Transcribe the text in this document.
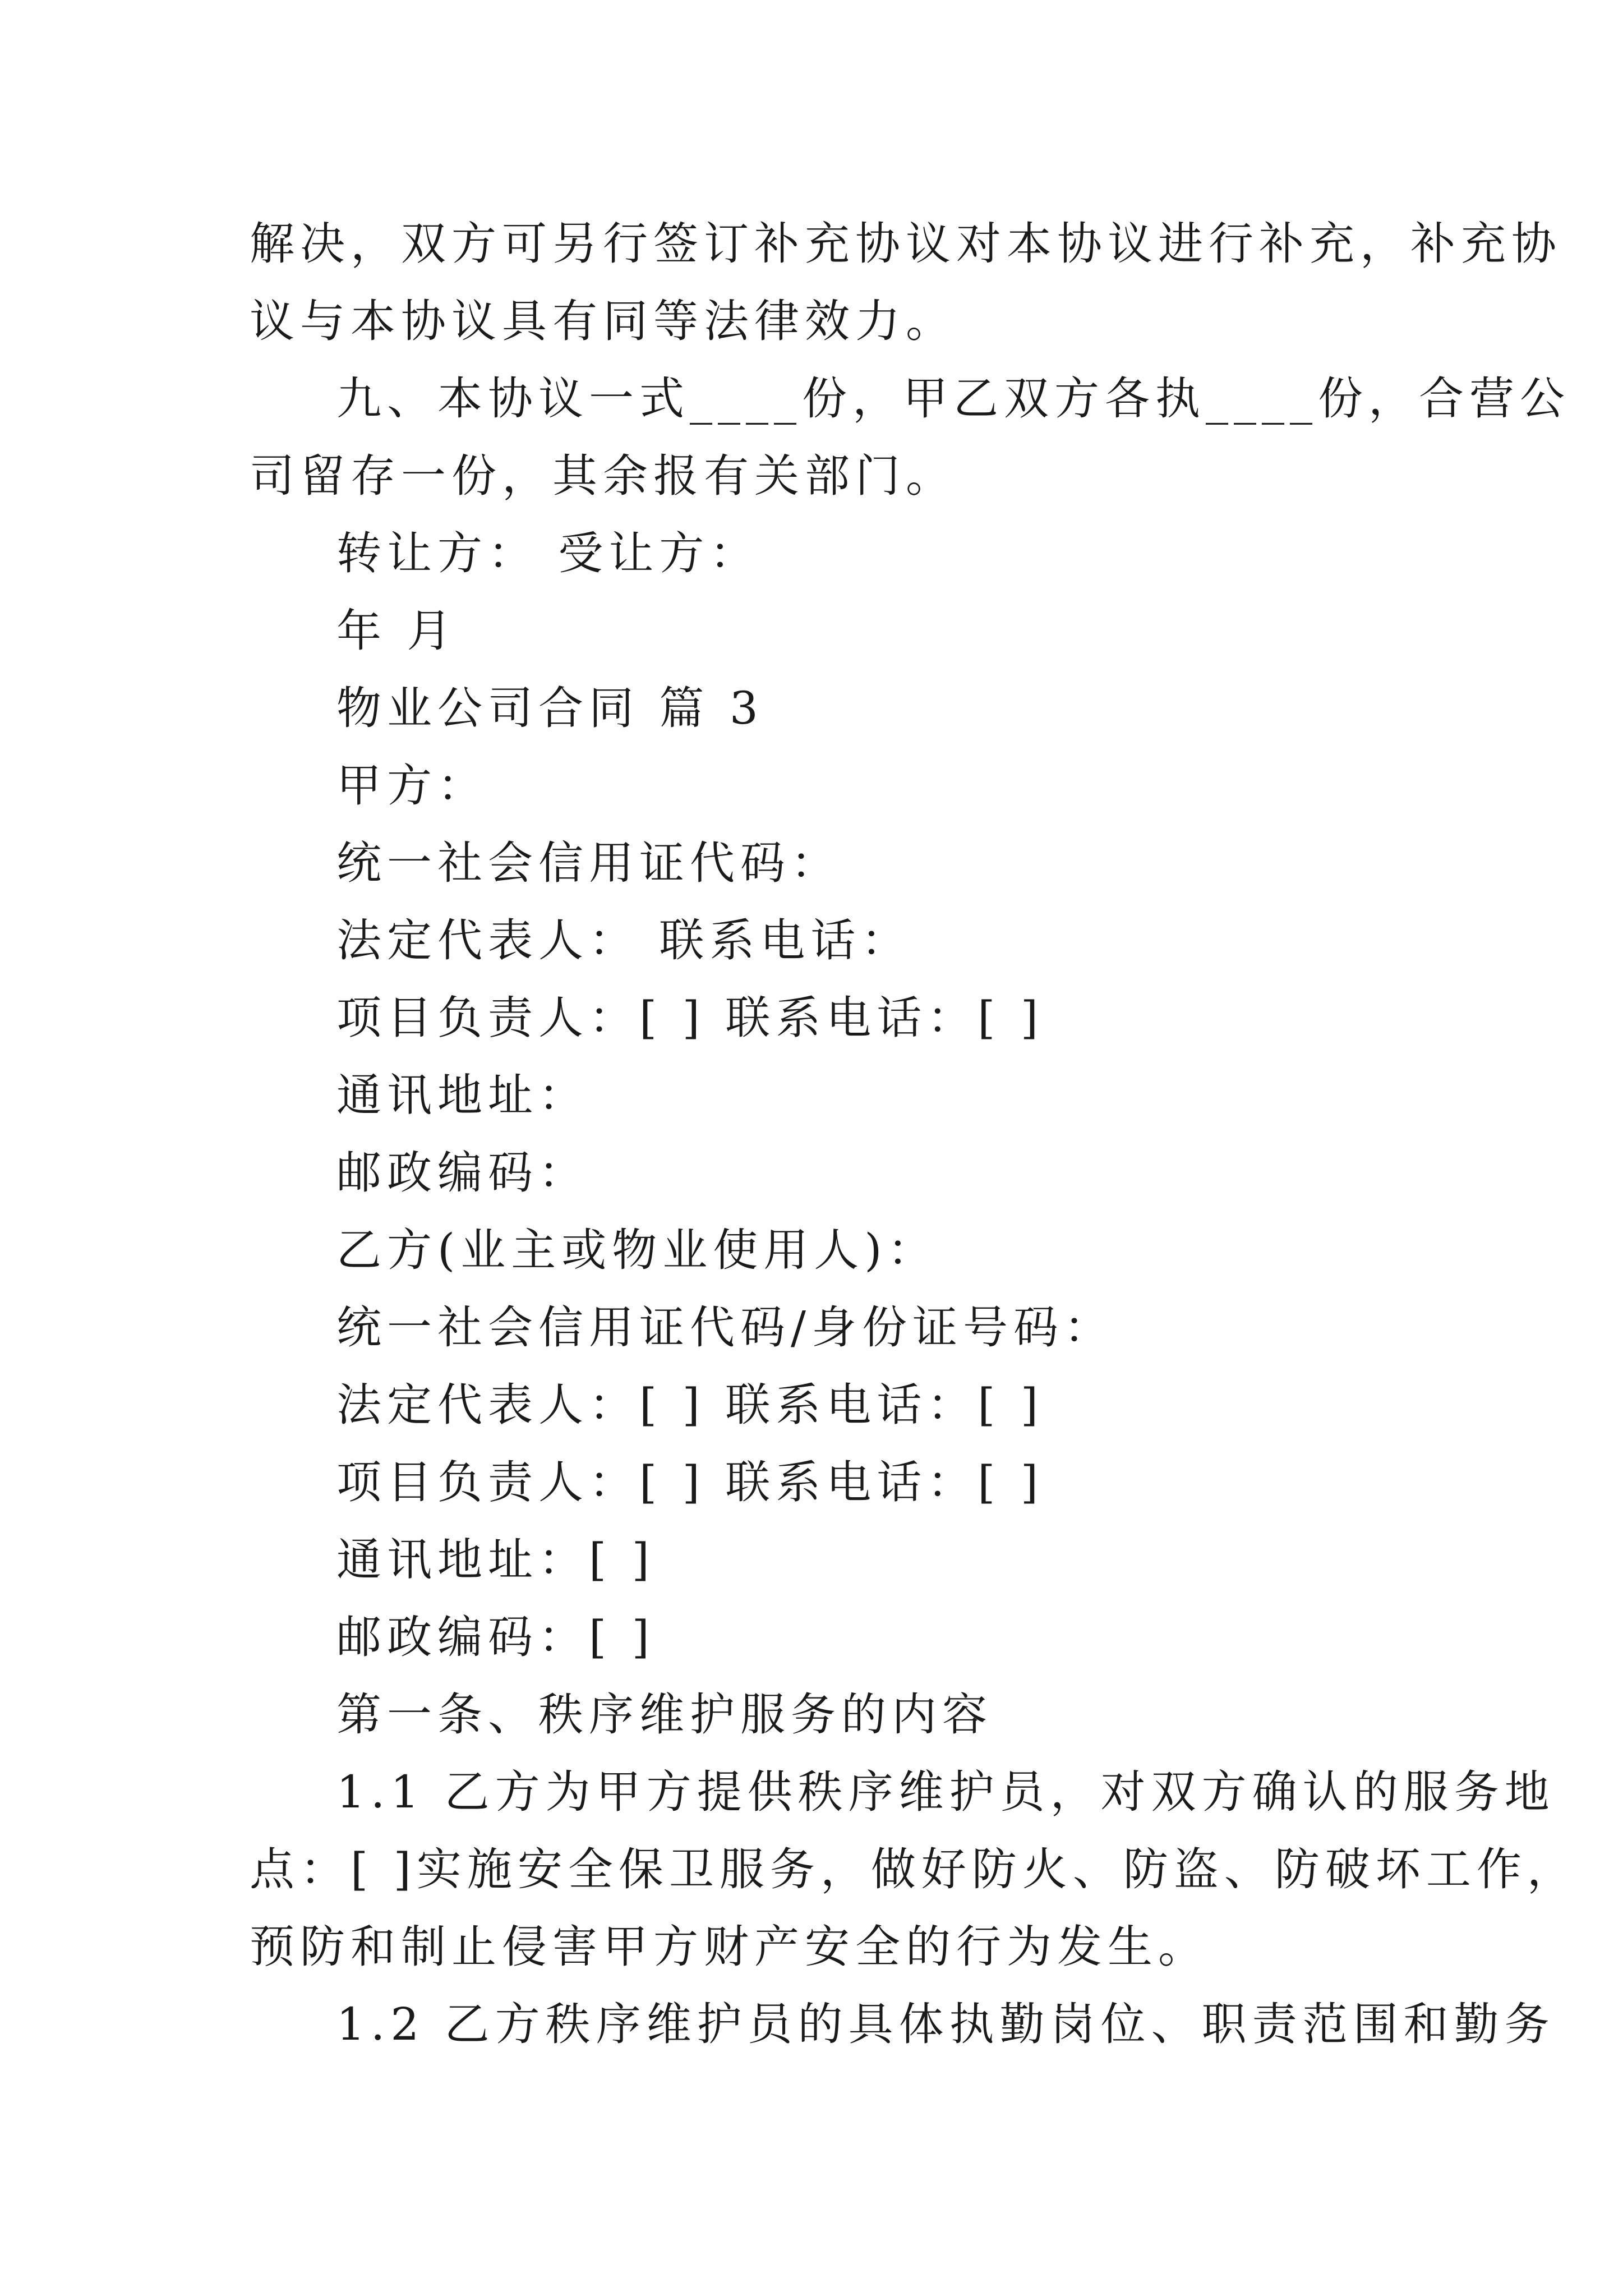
解决，双方可另行签订补充协议对本协议进行补充，补充协
议与本协议具有同等法律效力。
九、本协议一式____份，甲乙双方各执____份，合营公
司留存一份，其余报有关部门。
转让方： 受让方：
年 月
物业公司合同 篇 3
甲方：
统一社会信用证代码：
法定代表人： 联系电话：
项目负责人：[ ] 联系电话：[ ]
通讯地址：
邮政编码：
乙方(业主或物业使用人)：
统一社会信用证代码/身份证号码：
法定代表人：[ ] 联系电话：[ ]
项目负责人：[ ] 联系电话：[ ]
通讯地址：[ ]
邮政编码：[ ]
第一条、秩序维护服务的内容
1.1 乙方为甲方提供秩序维护员，对双方确认的服务地
点：[ ]实施安全保卫服务，做好防火、防盗、防破坏工作，
预防和制止侵害甲方财产安全的行为发生。
1.2 乙方秩序维护员的具体执勤岗位、职责范围和勤务
